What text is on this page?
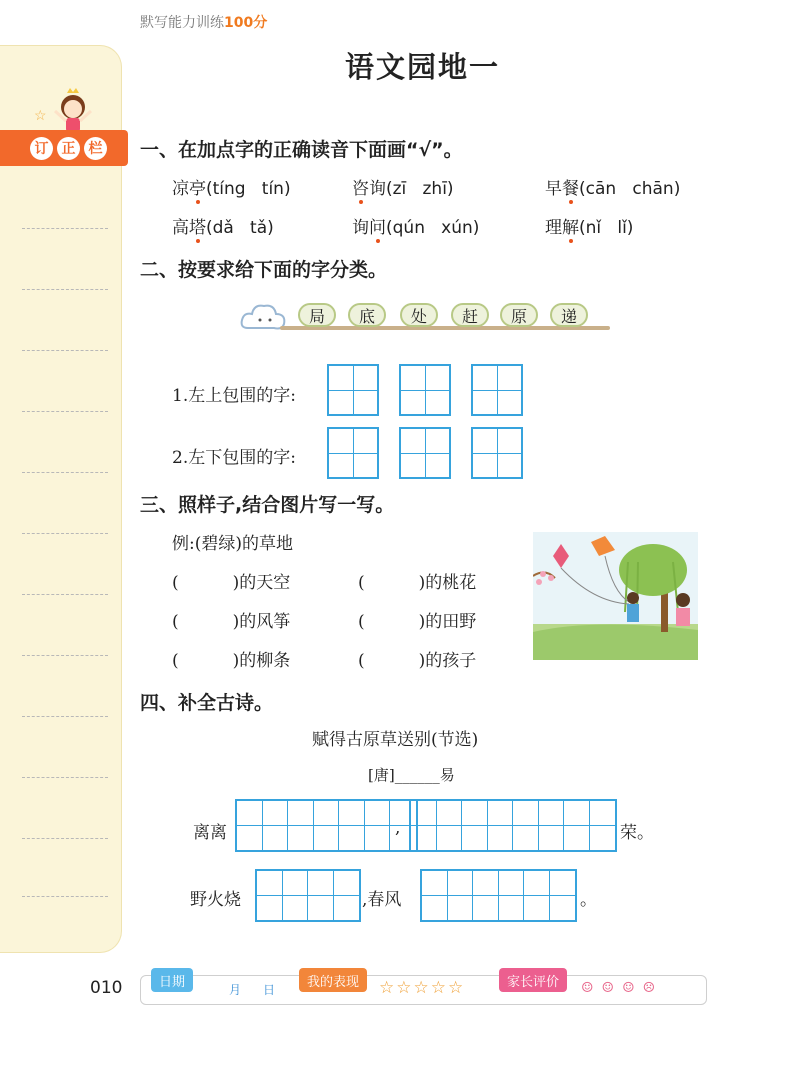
默写能力训练100分
☆
订 正 栏
语文园地一
一、在加点字的正确读音下面画“√”。
凉亭(tíng   tín)	咨询(zī   zhī)	早餐(cān   chān)
高塔(dǎ   tǎ)	询问(qún   xún)	理解(nǐ   lǐ)
二、按要求给下面的字分类。
局	底	处	赶	原	递
1.左上包围的字:
2.左下包围的字:
三、照样子,结合图片写一写。
例:(碧绿)的草地
(          )的天空	(          )的桃花
(          )的风筝	(          )的田野
(          )的柳条	(          )的孩子
四、补全古诗。
赋得古原草送别(节选)
[唐]______易
离离	,	荣。
野火烧	,春风	。
010	日期
月 日
我的表现	☆☆☆☆☆	家长评价	☺☺☺☹
